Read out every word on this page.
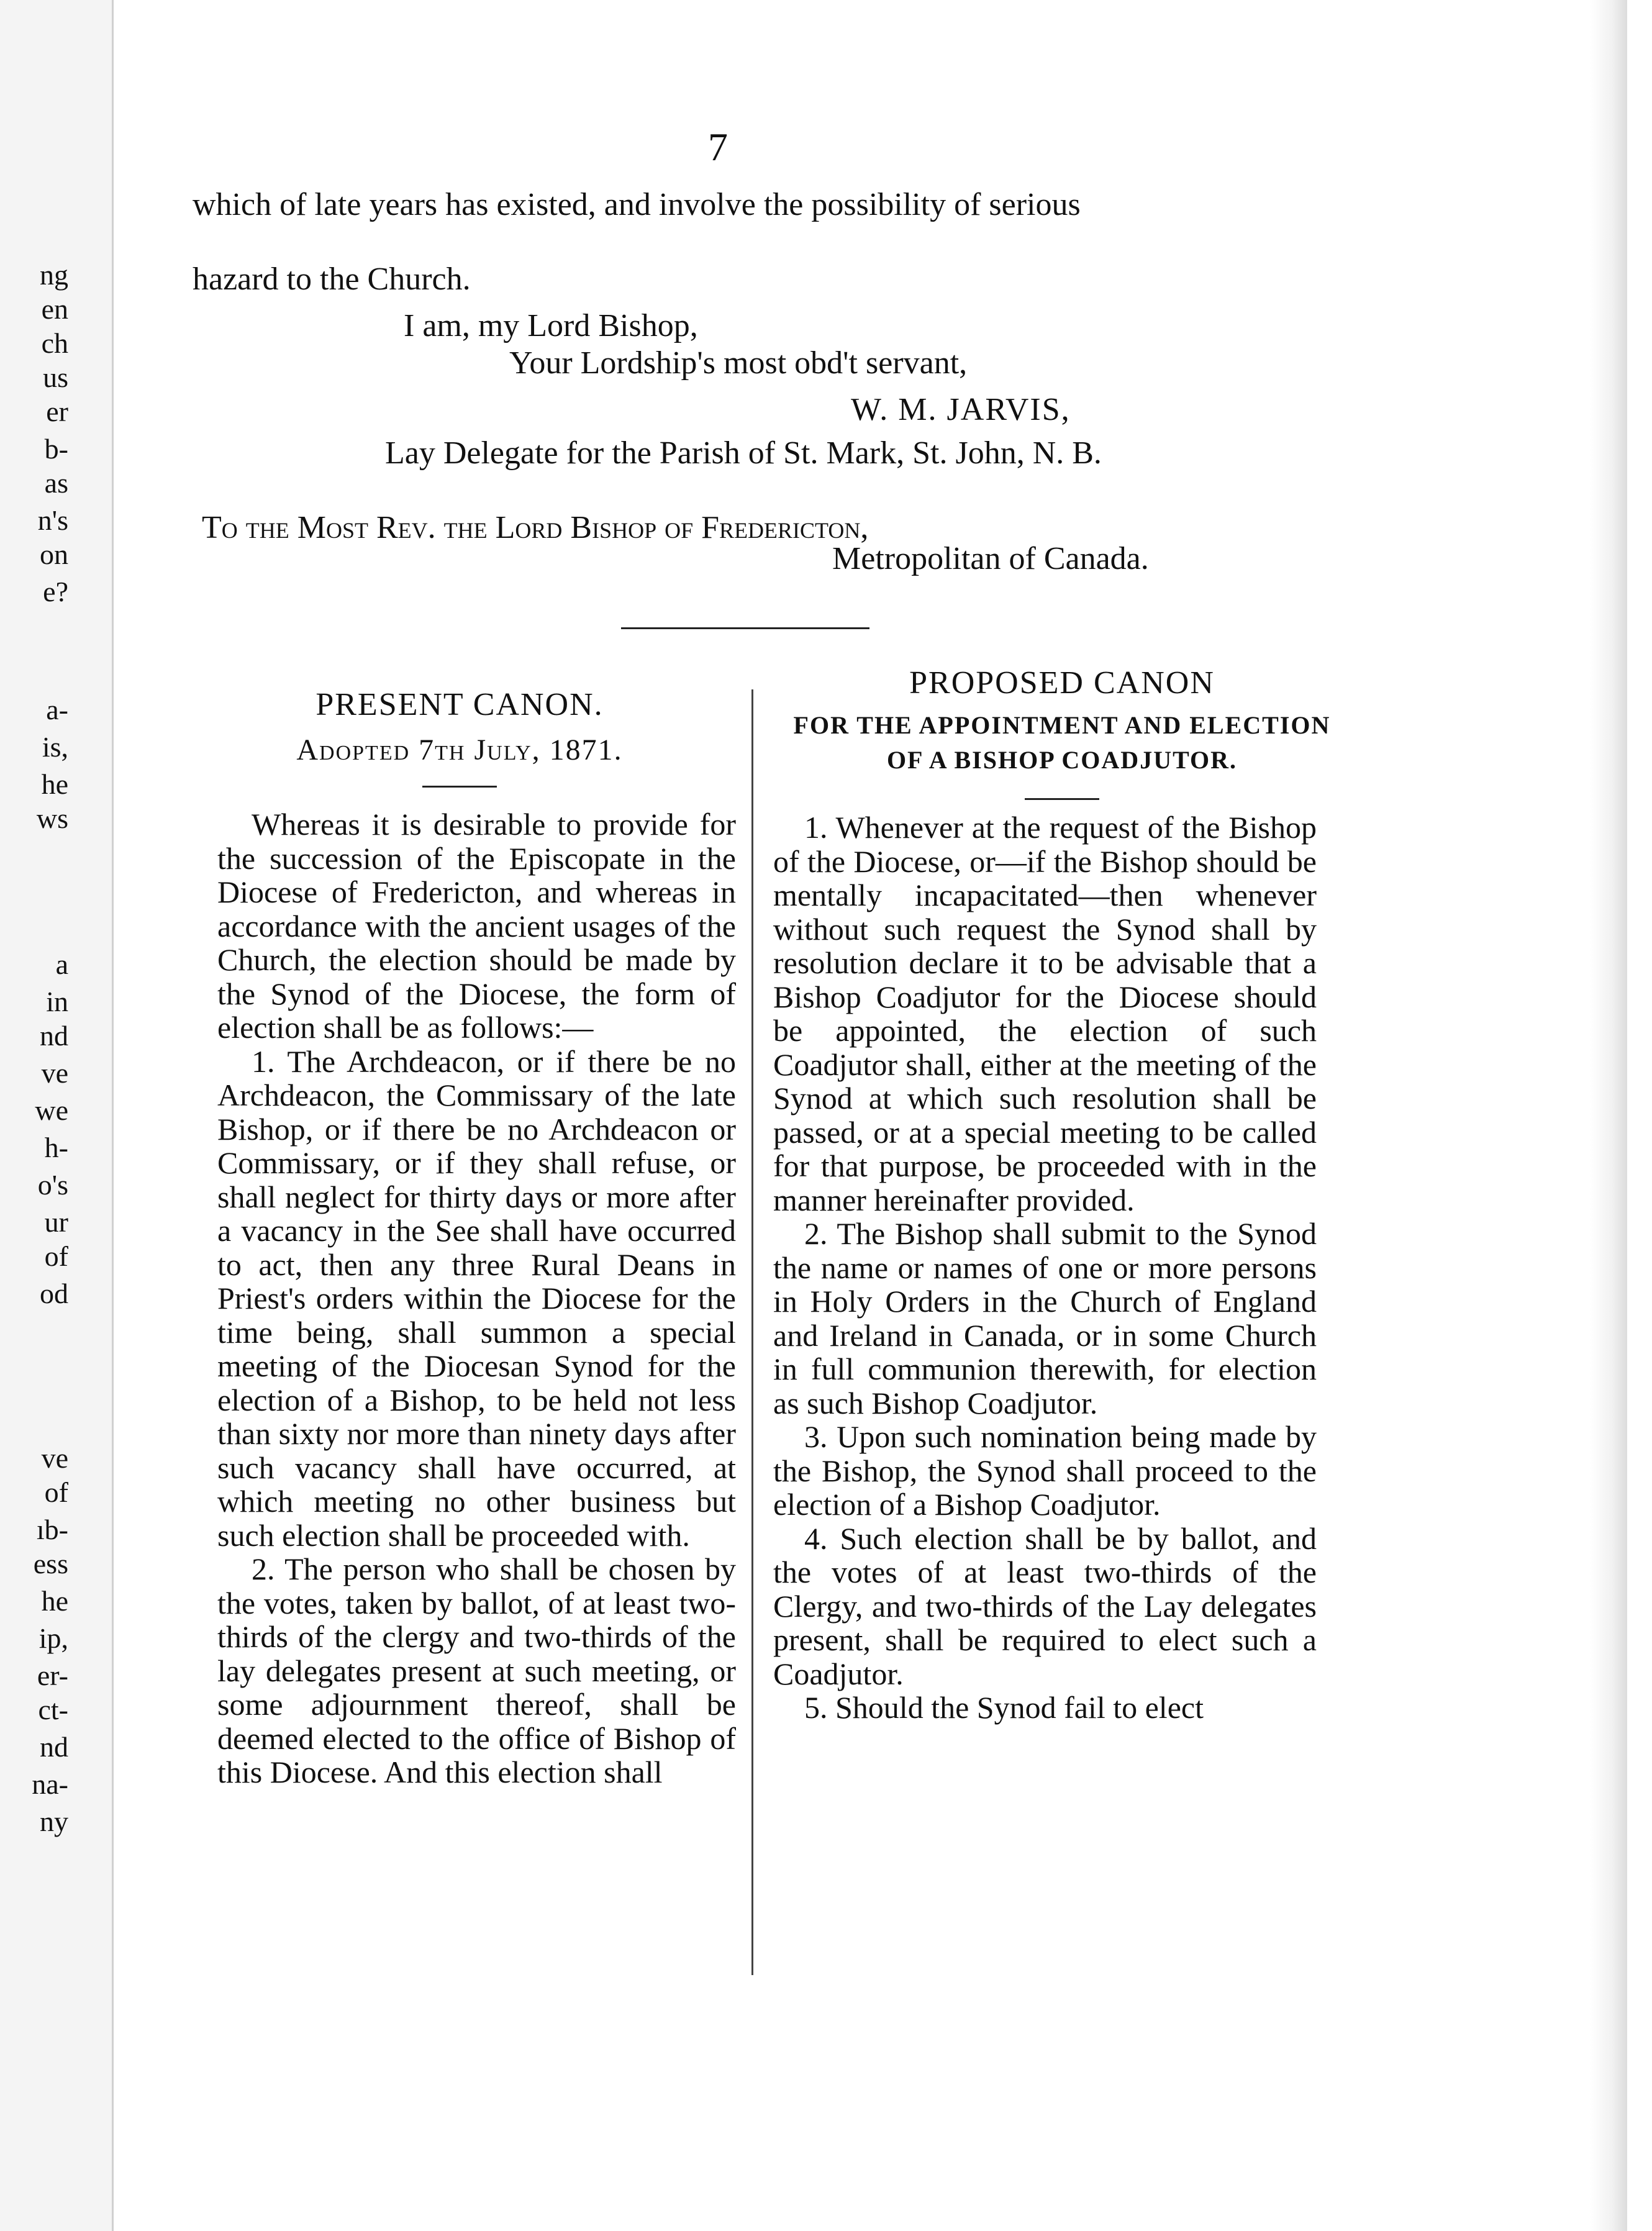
ng
en
ch
us
er
b-
as
n's
on
e?
a-
is,
he
ws
a
in
nd
ve
we
h-
o's
ur
of
od
ve
of
ıb-
ess
he
ip,
er-
ct-
nd
na-
ny
7
which of late years has existed, and involve the possibility of serious
hazard to the Church.
I am, my Lord Bishop,
Your Lordship's most obd't servant,
W. M. JARVIS,
Lay Delegate for the Parish of St. Mark, St. John, N. B.
To the Most Rev. the Lord Bishop of Fredericton,
Metropolitan of Canada.
PRESENT CANON.
Adopted 7th July, 1871.
PROPOSED CANON
FOR THE APPOINTMENT AND ELECTION OF A BISHOP COADJUTOR.

Whereas it is desirable to provide for the succession of the Episcopate in the Diocese of Fredericton, and whereas in accordance with the ancient usages of the Church, the election should be made by the Synod of the Diocese, the form of election shall be as follows:—

1. The Archdeacon, or if there be no Archdeacon, the Commissary of the late Bishop, or if there be no Archdeacon or Commissary, or if they shall refuse, or shall neglect for thirty days or more after a vacancy in the See shall have occurred to act, then any three Rural Deans in Priest's orders within the Diocese for the time being, shall summon a special meeting of the Diocesan Synod for the election of a Bishop, to be held not less than sixty nor more than ninety days after such vacancy shall have occurred, at which meeting no other business but such election shall be proceeded with.

2. The person who shall be chosen by the votes, taken by ballot, of at least two-thirds of the clergy and two-thirds of the lay delegates present at such meeting, or some adjournment thereof, shall be deemed elected to the office of Bishop of this Diocese. And this election shall

1. Whenever at the request of the Bishop of the Diocese, or—if the Bishop should be mentally incapacitated—then whenever without such request the Synod shall by resolution declare it to be advisable that a Bishop Coadjutor for the Diocese should be appointed, the election of such Coadjutor shall, either at the meeting of the Synod at which such resolution shall be passed, or at a special meeting to be called for that purpose, be proceeded with in the manner hereinafter provided.

2. The Bishop shall submit to the Synod the name or names of one or more persons in Holy Orders in the Church of England and Ireland in Canada, or in some Church in full communion therewith, for election as such Bishop Coadjutor.

3. Upon such nomination being made by the Bishop, the Synod shall proceed to the election of a Bishop Coadjutor.

4. Such election shall be by ballot, and the votes of at least two-thirds of the Clergy, and two-thirds of the Lay delegates present, shall be required to elect such a Coadjutor.

5. Should the Synod fail to elect
